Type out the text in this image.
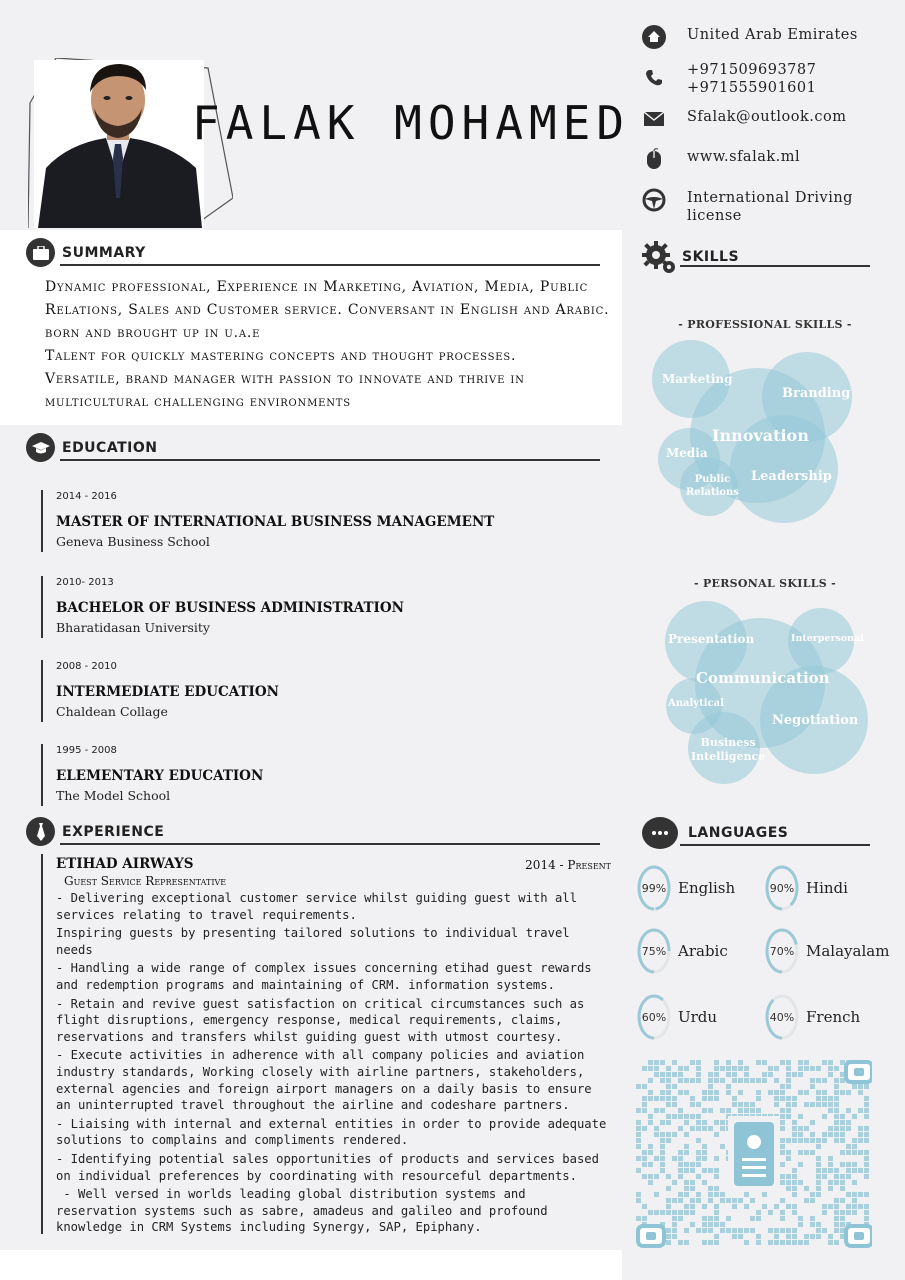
FALAK MOHAMED
United Arab Emirates
+971509693787
+971555901601
Sfalak@outlook.com
www.sfalak.ml
International Driving license
SUMMARY

Dynamic professional, Experience in Marketing, Aviation, Media, Public Relations, Sales and Customer service. Conversant in English and Arabic. born and brought up in u.a.e

Talent for quickly mastering concepts and thought processes.

Versatile, brand manager with passion to innovate and thrive in multicultural challenging environments

EDUCATION
2014 - 2016
MASTER OF INTERNATIONAL BUSINESS MANAGEMENT
Geneva Business School
2010- 2013
BACHELOR OF BUSINESS ADMINISTRATION
Bharatidasan University
2008 - 2010
INTERMEDIATE EDUCATION
Chaldean Collage
1995 - 2008
ELEMENTARY EDUCATION
The Model School
EXPERIENCE
ETIHAD AIRWAYS	2014 - Present
Guest Service Representative
- Delivering exceptional customer service whilst guiding guest with all services relating to travel requirements.
Inspiring guests by presenting tailored solutions to individual travel needs
- Handling a wide range of complex issues concerning etihad guest rewards and redemption programs and maintaining of CRM. information systems.
- Retain and revive guest satisfaction on critical circumstances such as flight disruptions, emergency response, medical requirements, claims, reservations and transfers whilst guiding guest with utmost courtesy.
- Execute activities in adherence with all company policies and aviation industry standards, Working closely with airline partners, stakeholders, external agencies and foreign airport managers on a daily basis to ensure an uninterrupted travel throughout the airline and codeshare partners.
- Liaising with internal and external entities in order to provide adequate solutions to complains and compliments rendered.
- Identifying potential sales opportunities of products and services based on individual preferences by coordinating with resourceful departments.
- Well versed in worlds leading global distribution systems and reservation systems such as sabre, amadeus and galileo and profound knowledge in CRM Systems including Synergy, SAP, Epiphany.
SKILLS
- PROFESSIONAL SKILLS -
Marketing
Branding
Innovation
Media
Leadership
Public
Relations
- PERSONAL SKILLS -
Presentation	Interpersonal
Communication
Analytical
Negotiation
Business
Intelligence
LANGUAGES
99% English	90% Hindi
75% Arabic	70% Malayalam
60% Urdu	40% French
